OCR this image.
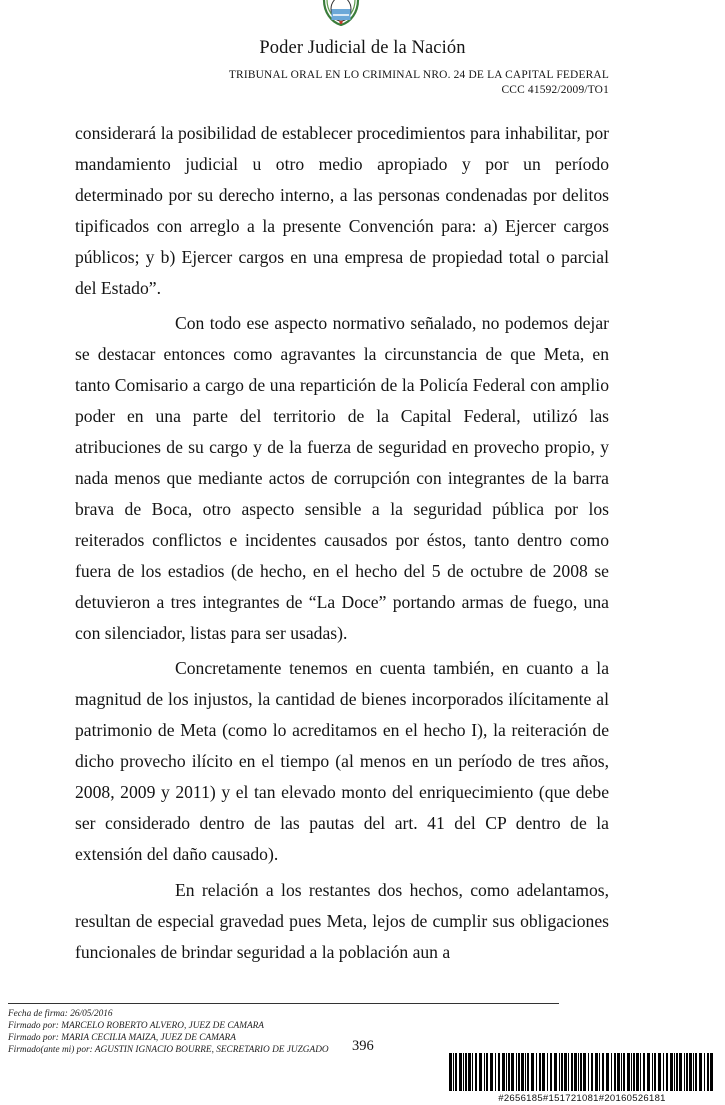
Poder Judicial de la Nación
TRIBUNAL ORAL EN LO CRIMINAL NRO. 24 DE LA CAPITAL FEDERAL
CCC 41592/2009/TO1

considerará la posibilidad de establecer procedimientos para inhabilitar, por mandamiento judicial u otro medio apropiado y por un período determinado por su derecho interno, a las personas condenadas por delitos tipificados con arreglo a la presente Convención para: a) Ejercer cargos públicos; y b) Ejercer cargos en una empresa de propiedad total o parcial del Estado”.

Con todo ese aspecto normativo señalado, no podemos dejar se destacar entonces como agravantes la circunstancia de que Meta, en tanto Comisario a cargo de una repartición de la Policía Federal con amplio poder en una parte del territorio de la Capital Federal, utilizó las atribuciones de su cargo y de la fuerza de seguridad en provecho propio, y nada menos que mediante actos de corrupción con integrantes de la barra brava de Boca, otro aspecto sensible a la seguridad pública por los reiterados conflictos e incidentes causados por éstos, tanto dentro como fuera de los estadios (de hecho, en el hecho del 5 de octubre de 2008 se detuvieron a tres integrantes de “La Doce” portando armas de fuego, una con silenciador, listas para ser usadas).

Concretamente tenemos en cuenta también, en cuanto a la magnitud de los injustos, la cantidad de bienes incorporados ilícitamente al patrimonio de Meta (como lo acreditamos en el hecho I), la reiteración de dicho provecho ilícito en el tiempo (al menos en un período de tres años, 2008, 2009 y 2011) y el tan elevado monto del enriquecimiento (que debe ser considerado dentro de las pautas del art. 41 del CP dentro de la extensión del daño causado).

En relación a los restantes dos hechos, como adelantamos, resultan de especial gravedad pues Meta, lejos de cumplir sus obligaciones funcionales de brindar seguridad a la población aun a

Fecha de firma: 26/05/2016
Firmado por: MARCELO ROBERTO ALVERO, JUEZ DE CAMARA
Firmado por: MARIA CECILIA MAIZA, JUEZ DE CAMARA
Firmado(ante mi) por: AGUSTIN IGNACIO BOURRE, SECRETARIO DE JUZGADO 396
#2656185#151721081#20160526181
